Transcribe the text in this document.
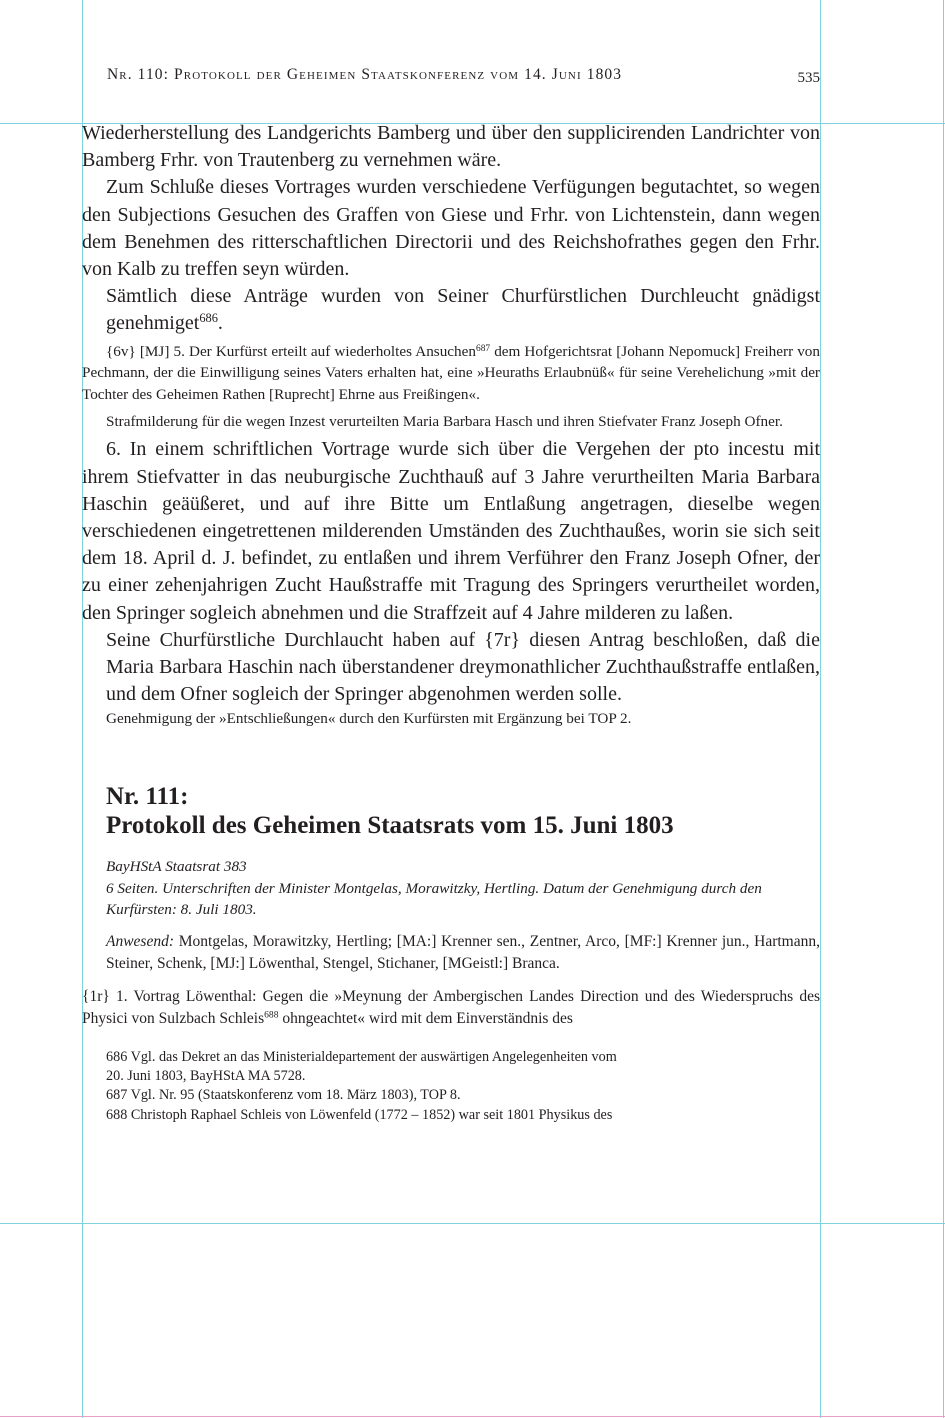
Nr. 110: Protokoll der Geheimen Staatskonferenz vom 14. Juni 1803	535

Wiederherstellung des Landgerichts Bamberg und über den supplicirenden Landrichter von Bamberg Frhr. von Trautenberg zu vernehmen wäre.

Zum Schluße dieses Vortrages wurden verschiedene Verfügungen begutachtet, so wegen den Subjections Gesuchen des Graffen von Giese und Frhr. von Lichtenstein, dann wegen dem Benehmen des ritterschaftlichen Directorii und des Reichshofrathes gegen den Frhr. von Kalb zu treffen seyn würden.

Sämtlich diese Anträge wurden von Seiner Churfürstlichen Durchleucht gnädigst genehmiget$^{686}$.

{6v} [MJ] 5. Der Kurfürst erteilt auf wiederholtes Ansuchen$^{687}$ dem Hofgerichtsrat [Johann Nepomuck] Freiherr von Pechmann, der die Einwilligung seines Vaters erhalten hat, eine »Heuraths Erlaubnüß« für seine Verehelichung »mit der Tochter des Geheimen Rathen [Ruprecht] Ehrne aus Freißingen«.

Strafmilderung für die wegen Inzest verurteilten Maria Barbara Hasch und ihren Stiefvater Franz Joseph Ofner.

6. In einem schriftlichen Vortrage wurde sich über die Vergehen der pto incestu mit ihrem Stiefvatter in das neuburgische Zuchthauß auf 3 Jahre verurtheilten Maria Barbara Haschin geäüßeret, und auf ihre Bitte um Entlaßung angetragen, dieselbe wegen verschiedenen eingetrettenen milderenden Umständen des Zuchthaußes, worin sie sich seit dem 18. April d. J. befindet, zu entlaßen und ihrem Verführer den Franz Joseph Ofner, der zu einer zehenjahrigen Zucht Haußstraffe mit Tragung des Springers verurtheilet worden, den Springer sogleich abnehmen und die Straffzeit auf 4 Jahre milderen zu laßen.

Seine Churfürstliche Durchlaucht haben auf {7r} diesen Antrag beschloßen, daß die Maria Barbara Haschin nach überstandener dreymonathlicher Zuchthaußstraffe entlaßen, und dem Ofner sogleich der Springer abgenohmen werden solle.

Genehmigung der »Entschließungen« durch den Kurfürsten mit Ergänzung bei TOP 2.

Nr. 111:
Protokoll des Geheimen Staatsrats vom 15. Juni 1803

BayHStA Staatsrat 383

6 Seiten. Unterschriften der Minister Montgelas, Morawitzky, Hertling. Datum der Genehmigung durch den Kurfürsten: 8. Juli 1803.

Anwesend: Montgelas, Morawitzky, Hertling; [MA:] Krenner sen., Zentner, Arco, [MF:] Krenner jun., Hartmann, Steiner, Schenk, [MJ:] Löwenthal, Stengel, Stichaner, [MGeistl:] Branca.

{1r} 1. Vortrag Löwenthal: Gegen die »Meynung der Ambergischen Landes Direction und des Wiederspruchs des Physici von Sulzbach Schleis$^{688}$ ohngeachtet« wird mit dem Einverständnis des

686 Vgl. das Dekret an das Ministerialdepartement der auswärtigen Angelegenheiten vom 20. Juni 1803, BayHStA MA 5728.

687 Vgl. Nr. 95 (Staatskonferenz vom 18. März 1803), TOP 8.

688 Christoph Raphael Schleis von Löwenfeld (1772 – 1852) war seit 1801 Physikus des
